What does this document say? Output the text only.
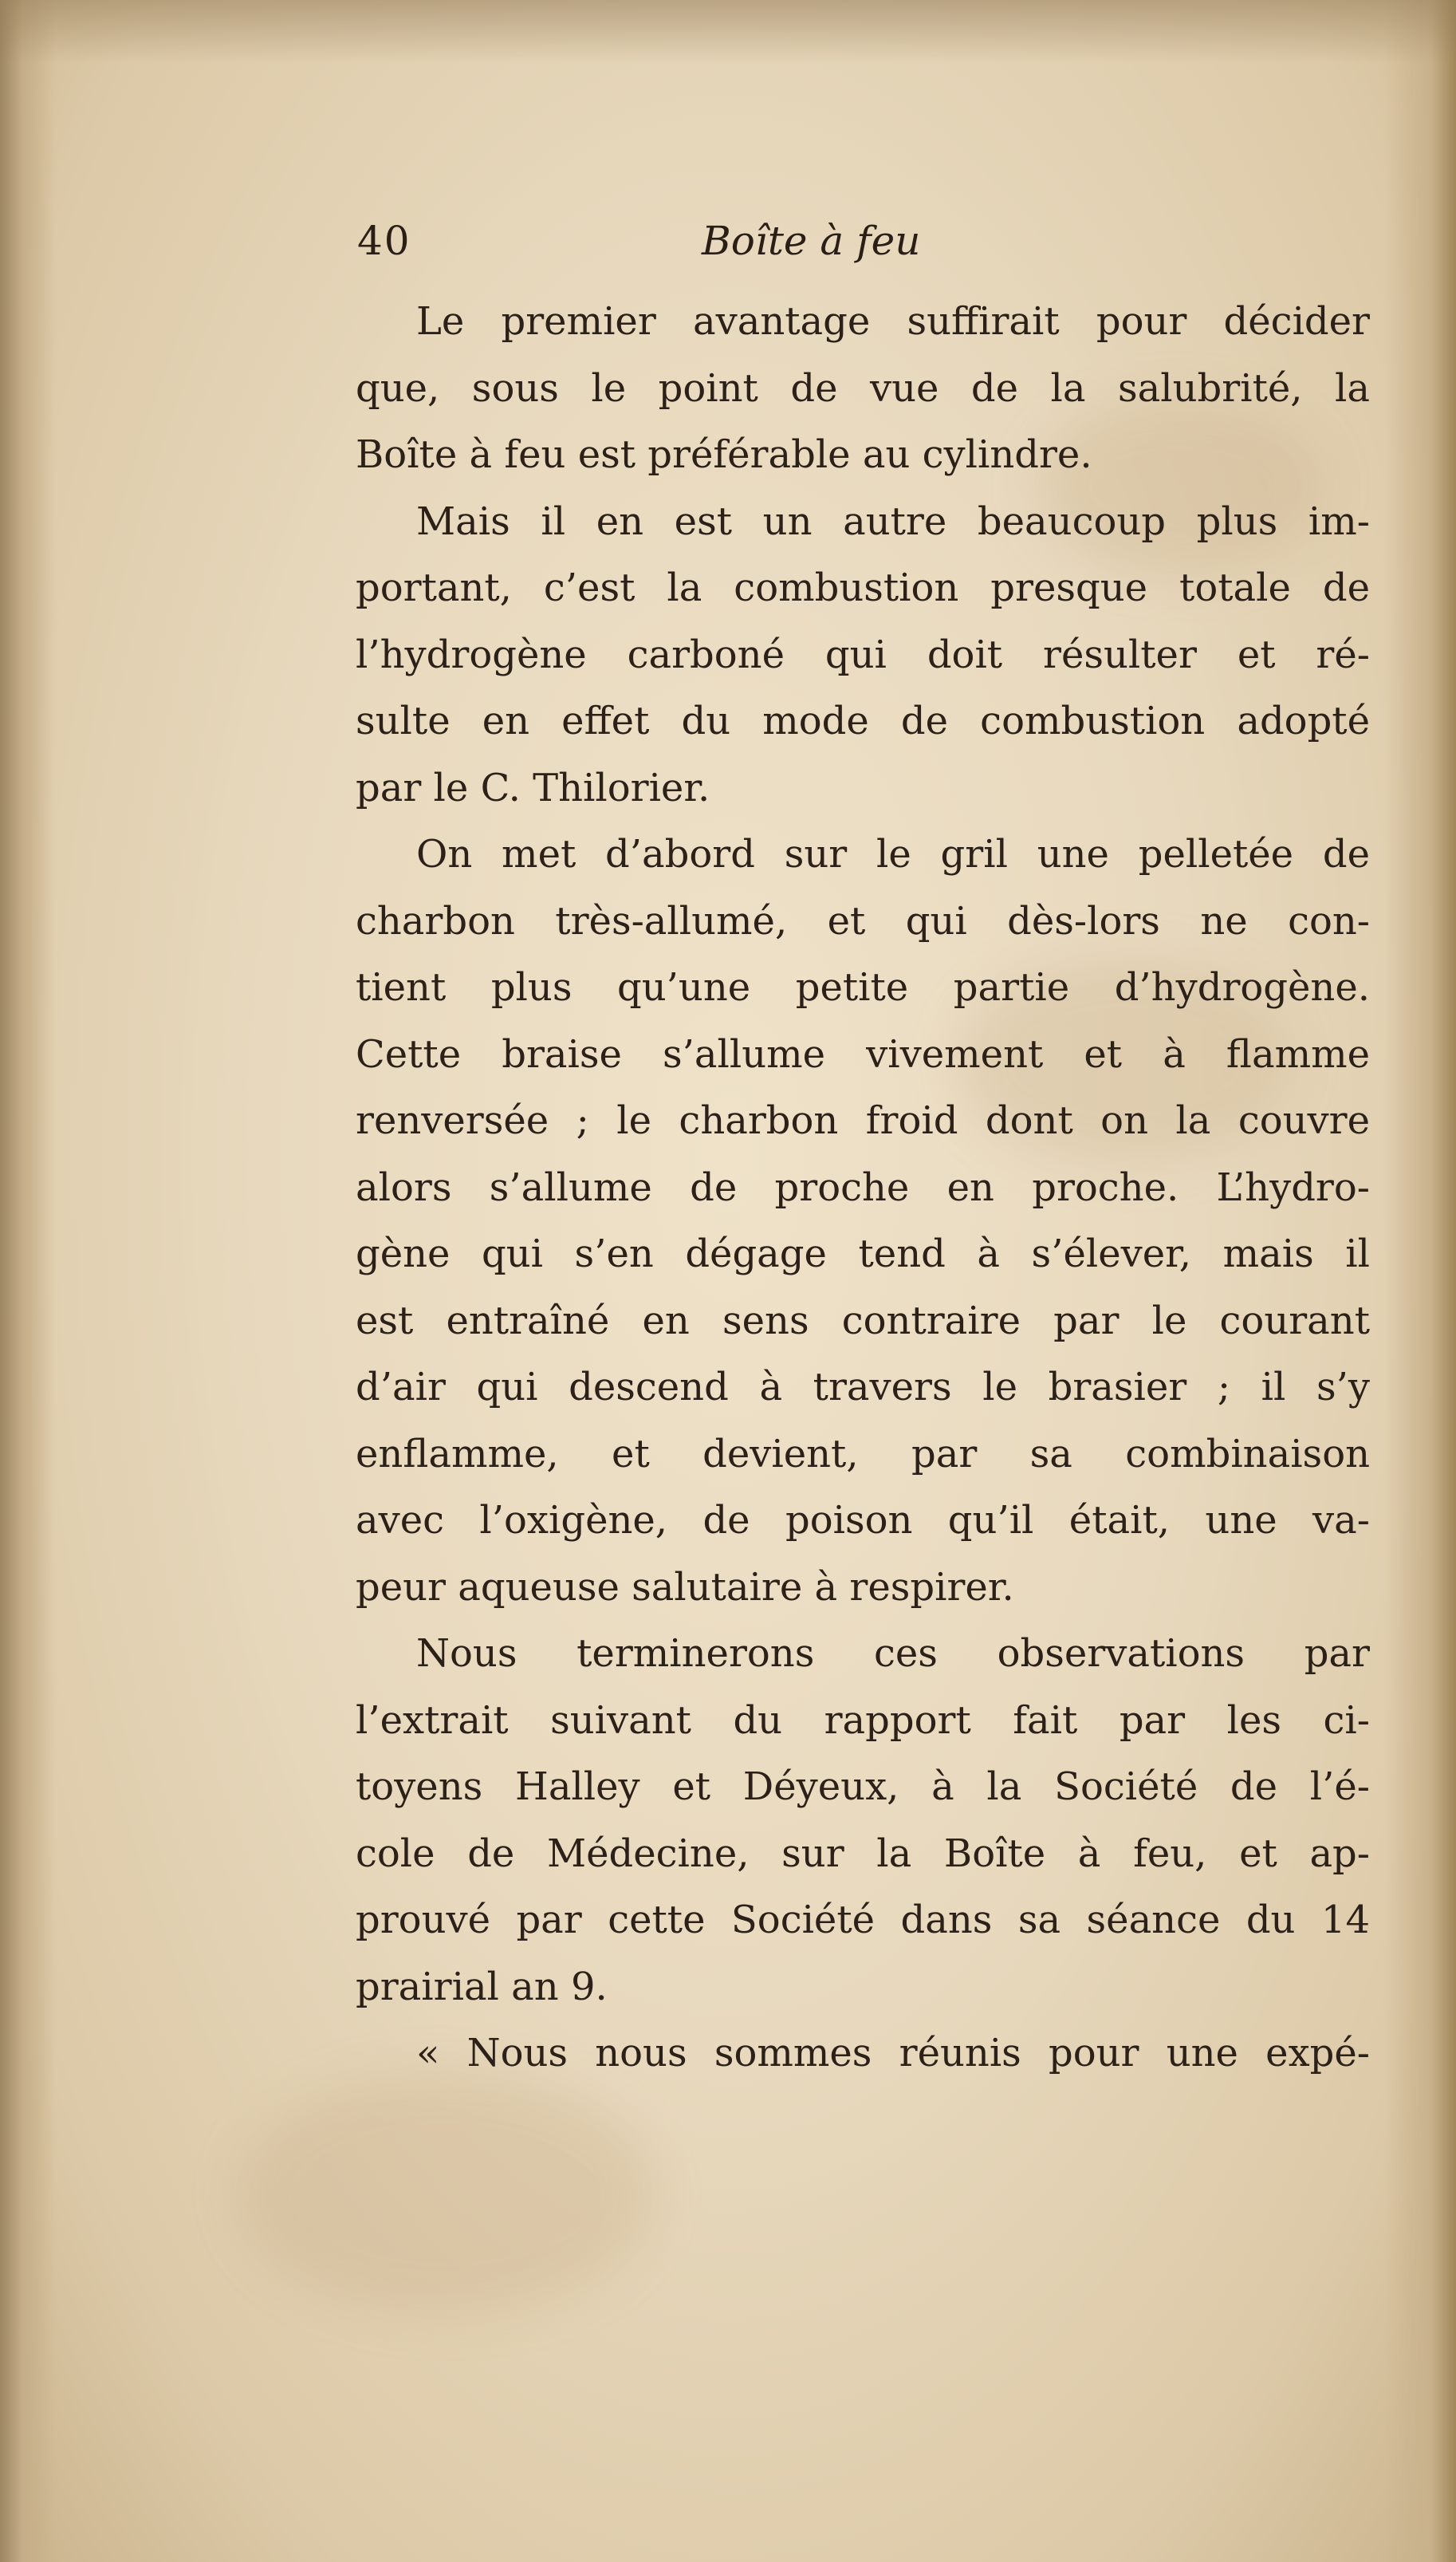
40	Boîte à feu
Le premier avantage suffirait pour décider
que, sous le point de vue de la salubrité, la
Boîte à feu est préférable au cylindre.
Mais il en est un autre beaucoup plus im-
portant, c’est la combustion presque totale de
l’hydrogène carboné qui doit résulter et ré-
sulte en effet du mode de combustion adopté
par le C. Thilorier.
On met d’abord sur le gril une pelletée de
charbon très-allumé, et qui dès-lors ne con-
tient plus qu’une petite partie d’hydrogène.
Cette braise s’allume vivement et à flamme
renversée ; le charbon froid dont on la couvre
alors s’allume de proche en proche. L’hydro-
gène qui s’en dégage tend à s’élever, mais il
est entraîné en sens contraire par le courant
d’air qui descend à travers le brasier ; il s’y
enflamme, et devient, par sa combinaison
avec l’oxigène, de poison qu’il était, une va-
peur aqueuse salutaire à respirer.
Nous terminerons ces observations par
l’extrait suivant du rapport fait par les ci-
toyens Halley et Déyeux, à la Société de l’é-
cole de Médecine, sur la Boîte à feu, et ap-
prouvé par cette Société dans sa séance du 14
prairial an 9.
« Nous nous sommes réunis pour une expé-
